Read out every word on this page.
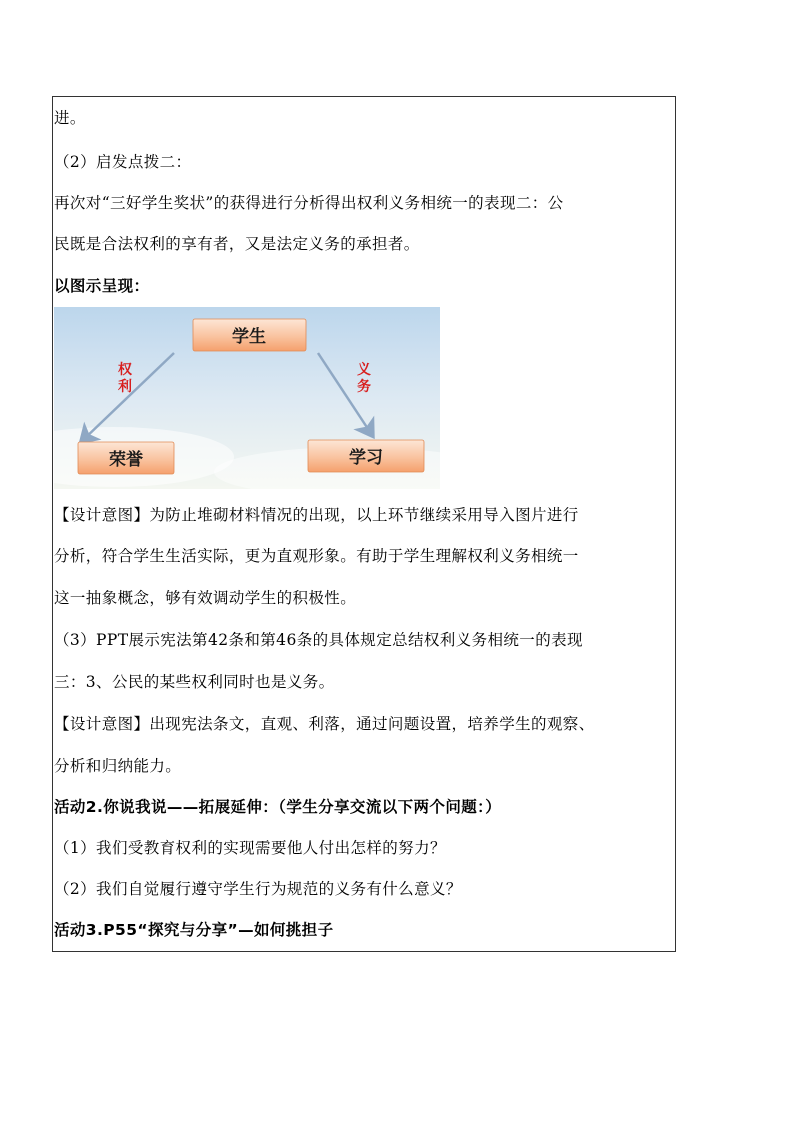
进。
（2）启发点拨二：
再次对“三好学生奖状”的获得进行分析得出权利义务相统一的表现二：公
民既是合法权利的享有者，又是法定义务的承担者。
以图示呈现：
学生
荣誉	学习
权
利
义
务
【设计意图】为防止堆砌材料情况的出现，以上环节继续采用导入图片进行
分析，符合学生生活实际，更为直观形象。有助于学生理解权利义务相统一
这一抽象概念，够有效调动学生的积极性。
（3）PPT展示宪法第42条和第46条的具体规定总结权利义务相统一的表现
三：3、公民的某些权利同时也是义务。
【设计意图】出现宪法条文，直观、利落，通过问题设置，培养学生的观察、
分析和归纳能力。
活动2.你说我说——拓展延伸：（学生分享交流以下两个问题：）
（1）我们受教育权利的实现需要他人付出怎样的努力？
（2）我们自觉履行遵守学生行为规范的义务有什么意义？
活动3.P55“探究与分享”—如何挑担子
